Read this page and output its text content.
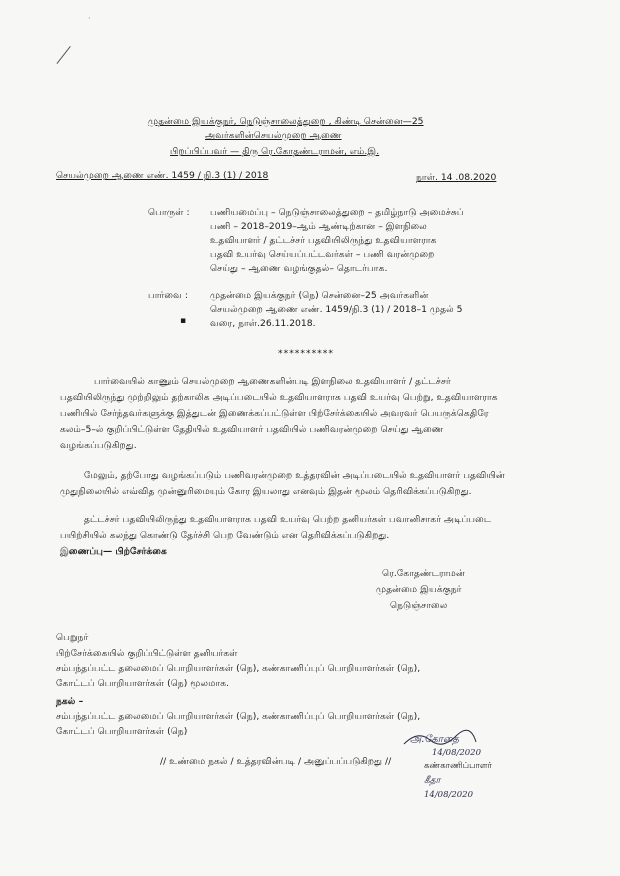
·
முதன்மை இயக்குநர், நெடுஞ்சாலைத்துறை , கிண்டி சென்னை—25
அவர்களின்செயல்முறை ஆணை
பிறப்பிப்பவர் — திரு ரெ.கோதண்டராமன், எம்.இ.
செயல்முறை ஆணை எண். 1459 / நி.3 (1) / 2018	நாள். 14 .08.2020
பொருள் : பணியமைப்பு – நெடுஞ்சாலைத்துறை – தமிழ்நாடு அமைச்சுப்
பணி – 2018–2019–ஆம் ஆண்டிற்கான – இளநிலை
உதவியாளர் / தட்டச்சர் பதவியிலிருந்து உதவியாளராக
பதவி உயர்வு செய்யப்பட்டவர்கள் – பணி வரன்முறை
செய்து – ஆணை வழங்குதல்– தொடர்பாக.
பார்வை : முதன்மை இயக்குநர் (நெ) சென்னை–25 அவர்களின்
செயல்முறை ஆணை எண். 1459/நி.3 (1) / 2018–1 முதல் 5
வரை, நாள்.26.11.2018.
▪
**********
பார்வையில் காணும் செயல்முறை ஆணைகளின்படி இளநிலை உதவியாளர் / தட்டச்சர்
பதவியிலிருந்து முற்றிலும் தற்காலிக அடிப்படையில் உதவியாளராக பதவி உயர்வு பெற்று, உதவியாளராக
பணியில் சேர்ந்தவர்களுக்கு இத்துடன் இணைக்கப்பட்டுள்ள பிற்சேர்க்கையில் அவரவர் பெயருக்கெதிரே
கலம்–5–ல் குறிப்பிட்டுள்ள தேதியில் உதவியாளர் பதவியில் பணிவரன்முறை செய்து ஆணை
வழங்கப்படுகிறது.
மேலும், தற்போது வழங்கப்படும் பணிவரன்முறை உத்தரவின் அடிப்படையில் உதவியாளர் பதவியின்
முதுநிலையில் எவ்வித முன்னுரிமையும் கோர இயலாது எனவும் இதன் மூலம் தெரிவிக்கப்படுகிறது.
தட்டச்சர் பதவியிலிருந்து உதவியாளராக பதவி உயர்வு பெற்ற தனியர்கள் பவானிசாகர் அடிப்படை
பயிற்சியில் கலந்து கொண்டு தேர்ச்சி பெற வேண்டும் என தெரிவிக்கப்படுகிறது.
இணைப்பு— பிற்சேர்க்கை
ரெ.கோதண்டராமன்
முதன்மை இயக்குநர்
நெடுஞ்சாலை
பெறுநர்
பிற்சேர்க்கையில் குறிப்பிட்டுள்ள தனியர்கள்
சம்பந்தப்பட்ட தலைமைப் பொறியாளர்கள் (நெ), கண்காணிப்புப் பொறியாளர்கள் (நெ),
கோட்டப் பொறியாளர்கள் (நெ) மூலமாக.
நகல் –
சம்பந்தப்பட்ட தலைமைப் பொறியாளர்கள் (நெ), கண்காணிப்புப் பொறியாளர்கள் (நெ),
கோட்டப் பொறியாளர்கள் (நெ)
// உண்மை நகல் / உத்தரவின்படி / அனுப்பப்படுகிறது //
அ.கோதை
14/08/2020
கண்காணிப்பாளர்
கீதா
14/08/2020
